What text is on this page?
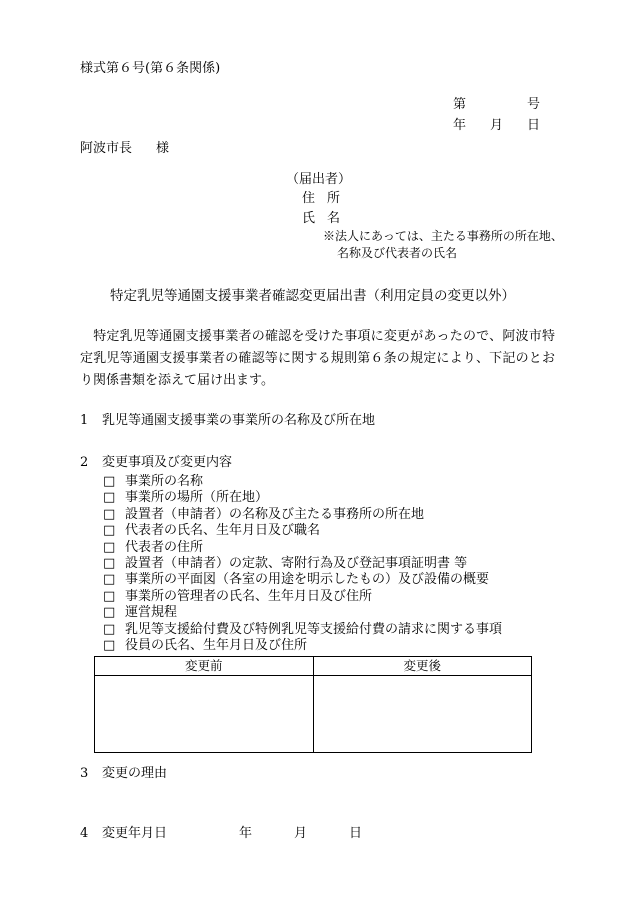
様式第６号(第６条関係)
第	号
年 月 日
阿波市長 様
（届出者）
住 所
氏 名
※法人にあっては、主たる事務所の所在地、
名称及び代表者の氏名
特定乳児等通園支援事業者確認変更届出書（利用定員の変更以外）
　特定乳児等通園支援事業者の確認を受けた事項に変更があったので、阿波市特定乳児等通園支援事業者の確認等に関する規則第６条の規定により、下記のとおり関係書類を添えて届け出ます。
1 乳児等通園支援事業の事業所の名称及び所在地
2 変更事項及び変更内容
□ 事業所の名称
□ 事業所の場所（所在地）
□ 設置者（申請者）の名称及び主たる事務所の所在地
□ 代表者の氏名、生年月日及び職名
□ 代表者の住所
□ 設置者（申請者）の定款、寄附行為及び登記事項証明書 等
□ 事業所の平面図（各室の用途を明示したもの）及び設備の概要
□ 事業所の管理者の氏名、生年月日及び住所
□ 運営規程
□ 乳児等支援給付費及び特例乳児等支援給付費の請求に関する事項
□ 役員の氏名、生年月日及び住所
変更前	変更後

3 変更の理由
4 変更年月日	年	月	日
